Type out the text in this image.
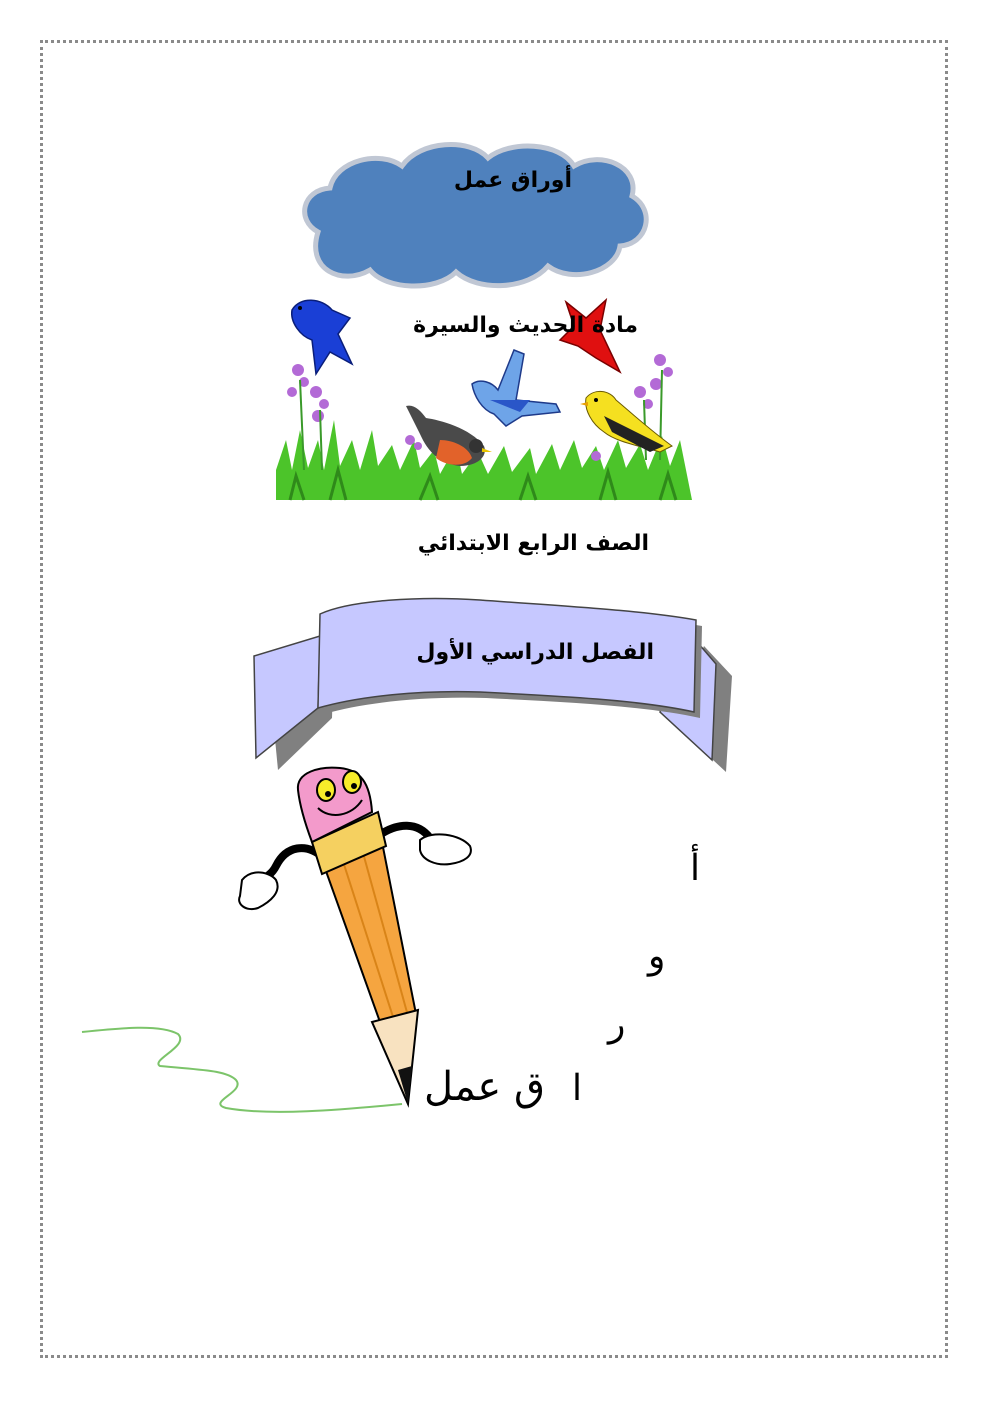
أوراق عمل
مادة الحديث والسيرة
الصف الرابع الابتدائي
الفصل الدراسي الأول
أ
و
ر
ا
ق عمل
